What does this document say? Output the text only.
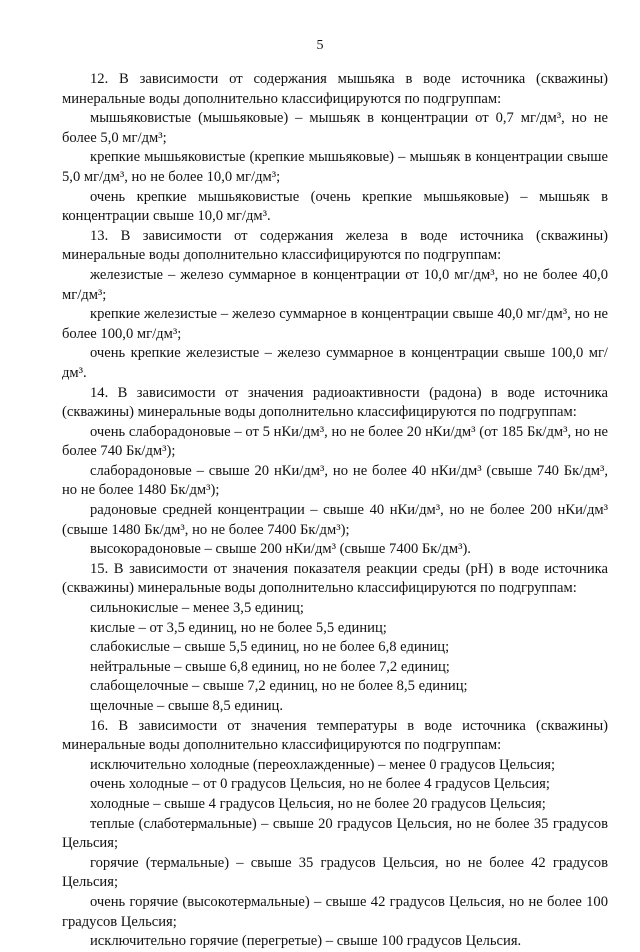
5

12. В зависимости от содержания мышьяка в воде источника (скважины) минеральные воды дополнительно классифицируются по подгруппам:

мышьяковистые (мышьяковые) – мышьяк в концентрации от 0,7 мг/дм³, но не более 5,0 мг/дм³;

крепкие мышьяковистые (крепкие мышьяковые) – мышьяк в концентрации свыше 5,0 мг/дм³, но не более 10,0 мг/дм³;

очень крепкие мышьяковистые (очень крепкие мышьяковые) – мышьяк в концентрации свыше 10,0 мг/дм³.

13. В зависимости от содержания железа в воде источника (скважины) минеральные воды дополнительно классифицируются по подгруппам:

железистые – железо суммарное в концентрации от 10,0 мг/дм³, но не более 40,0 мг/дм³;

крепкие железистые – железо суммарное в концентрации свыше 40,0 мг/дм³, но не более 100,0 мг/дм³;

очень крепкие железистые – железо суммарное в концентрации свыше 100,0 мг/дм³.

14. В зависимости от значения радиоактивности (радона) в воде источника (скважины) минеральные воды дополнительно классифицируются по подгруппам:

очень слаборадоновые – от 5 нКи/дм³, но не более 20 нКи/дм³ (от 185 Бк/дм³, но не более 740 Бк/дм³);

слаборадоновые – свыше 20 нКи/дм³, но не более 40 нКи/дм³ (свыше 740 Бк/дм³, но не более 1480 Бк/дм³);

радоновые средней концентрации – свыше 40 нКи/дм³, но не более 200 нКи/дм³ (свыше 1480 Бк/дм³, но не более 7400 Бк/дм³);

высокорадоновые – свыше 200 нКи/дм³ (свыше 7400 Бк/дм³).

15. В зависимости от значения показателя реакции среды (pH) в воде источника (скважины) минеральные воды дополнительно классифицируются по подгруппам:

сильнокислые – менее 3,5 единиц;

кислые – от 3,5 единиц, но не более 5,5 единиц;

слабокислые – свыше 5,5 единиц, но не более 6,8 единиц;

нейтральные – свыше 6,8 единиц, но не более 7,2 единиц;

слабощелочные – свыше 7,2 единиц, но не более 8,5 единиц;

щелочные – свыше 8,5 единиц.

16. В зависимости от значения температуры в воде источника (скважины) минеральные воды дополнительно классифицируются по подгруппам:

исключительно холодные (переохлажденные) – менее 0 градусов Цельсия;

очень холодные – от 0 градусов Цельсия, но не более 4 градусов Цельсия;

холодные – свыше 4 градусов Цельсия, но не более 20 градусов Цельсия;

теплые (слаботермальные) – свыше 20 градусов Цельсия, но не более 35 градусов Цельсия;

горячие (термальные) – свыше 35 градусов Цельсия, но не более 42 градусов Цельсия;

очень горячие (высокотермальные) – свыше 42 градусов Цельсия, но не более 100 градусов Цельсия;

исключительно горячие (перегретые) – свыше 100 градусов Цельсия.
